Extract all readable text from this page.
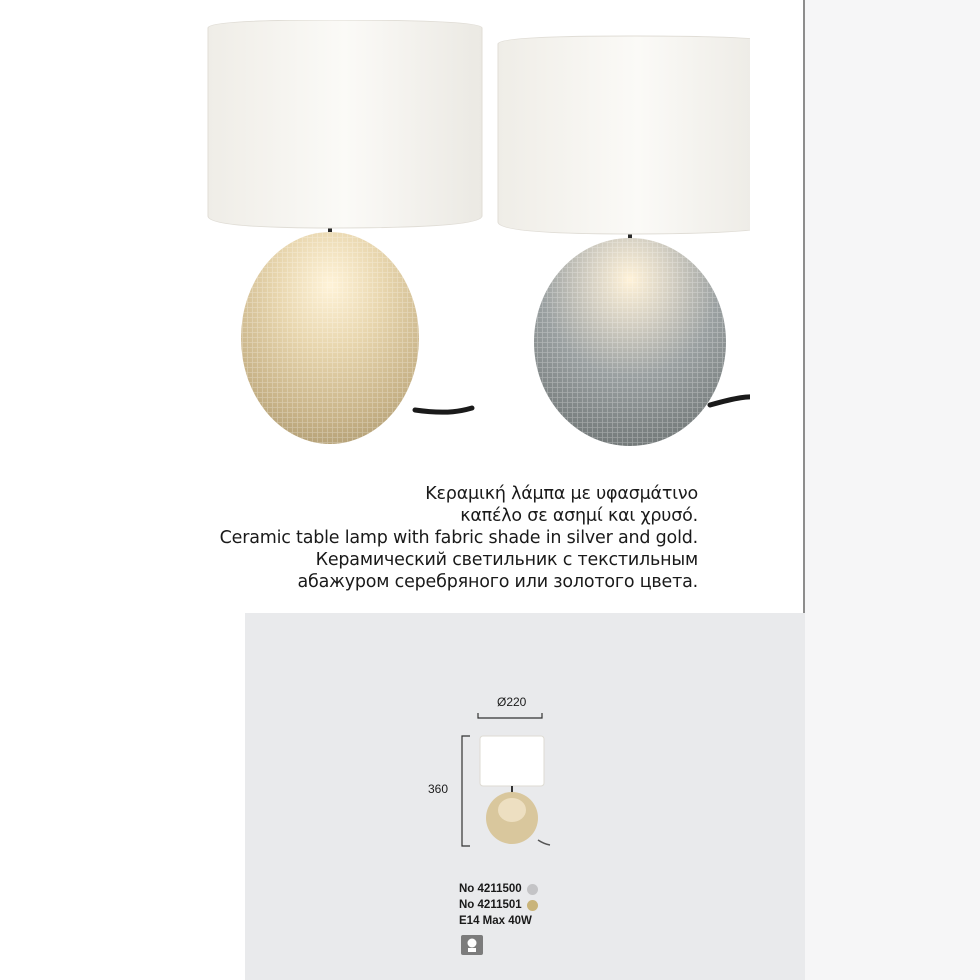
Κεραμική λάμπα με υφασμάτινο
καπέλο σε ασημί και χρυσό.
Ceramic table lamp with fabric shade in silver and gold.
Керамический светильник с текстильным
абажуром серебряного или золотого цвета.
Ø220
360
No 4211500
No 4211501
E14 Max 40W
